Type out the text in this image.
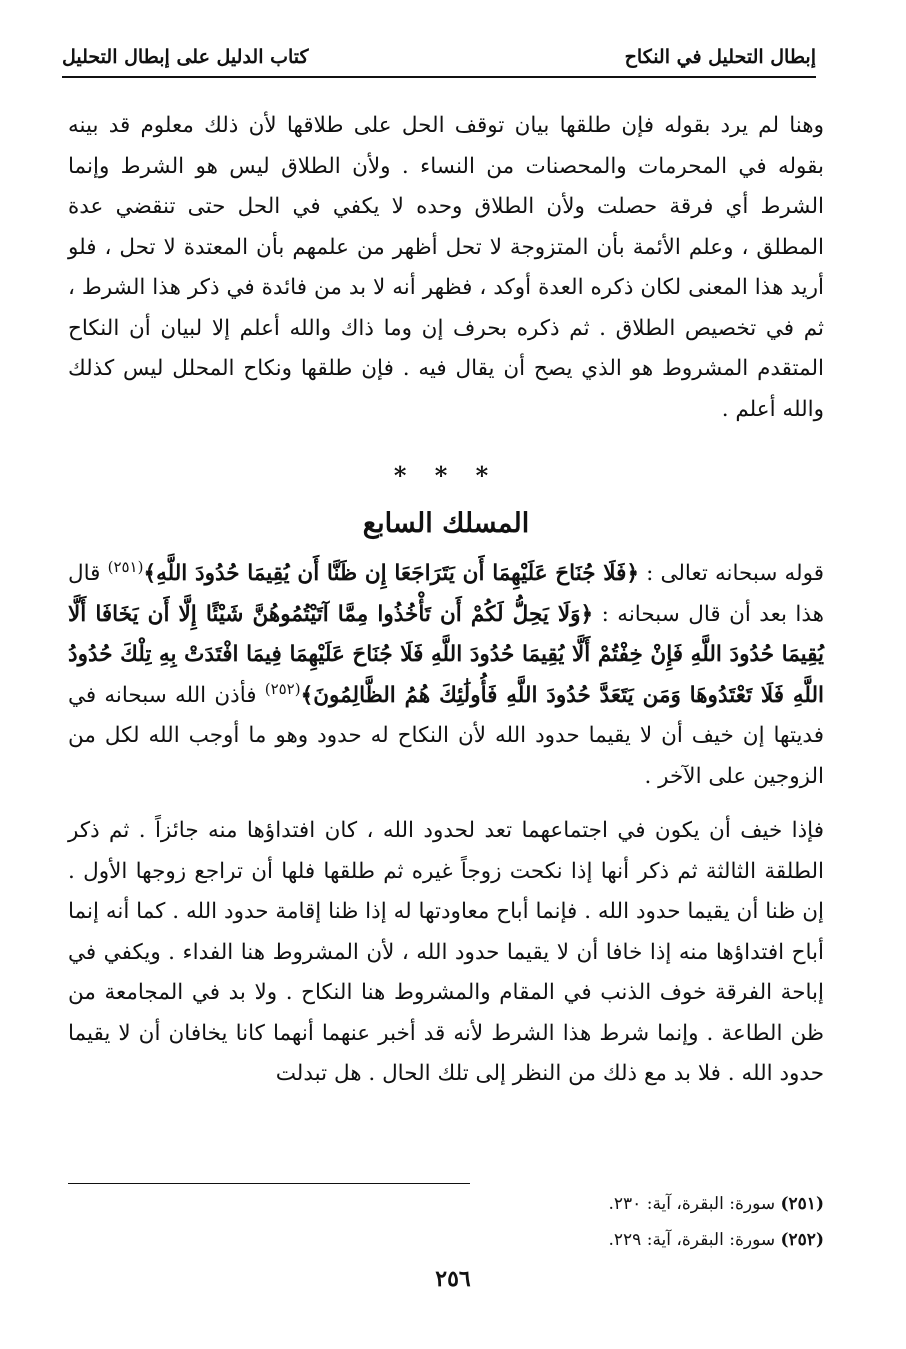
إبطال التحليل في النكاح
كتاب الدليل على إبطال التحليل

وهنا لم يرد بقوله فإن طلقها بيان توقف الحل على طلاقها لأن ذلك معلوم قد بينه بقوله في المحرمات والمحصنات من النساء . ولأن الطلاق ليس هو الشرط وإنما الشرط أي فرقة حصلت ولأن الطلاق وحده لا يكفي في الحل حتى تنقضي عدة المطلق ، وعلم الأئمة بأن المتزوجة لا تحل أظهر من علمهم بأن المعتدة لا تحل ، فلو أريد هذا المعنى لكان ذكره العدة أوكد ، فظهر أنه لا بد من فائدة في ذكر هذا الشرط ، ثم في تخصيص الطلاق . ثم ذكره بحرف إن وما ذاك والله أعلم إلا لبيان أن النكاح المتقدم المشروط هو الذي يصح أن يقال فيه . فإن طلقها ونكاح المحلل ليس كذلك والله أعلم .

* * *
المسلك السابع

قوله سبحانه تعالى : ﴿فَلَا جُنَاحَ عَلَيْهِمَا أَن يَتَرَاجَعَا إِن ظَنَّا أَن يُقِيمَا حُدُودَ اللَّهِ﴾$^{(٢٥١)}$ قال هذا بعد أن قال سبحانه : ﴿وَلَا يَحِلُّ لَكُمْ أَن تَأْخُذُوا مِمَّا آتَيْتُمُوهُنَّ شَيْئًا إِلَّا أَن يَخَافَا أَلَّا يُقِيمَا حُدُودَ اللَّهِ فَإِنْ خِفْتُمْ أَلَّا يُقِيمَا حُدُودَ اللَّهِ فَلَا جُنَاحَ عَلَيْهِمَا فِيمَا افْتَدَتْ بِهِ تِلْكَ حُدُودُ اللَّهِ فَلَا تَعْتَدُوهَا وَمَن يَتَعَدَّ حُدُودَ اللَّهِ فَأُولَٰئِكَ هُمُ الظَّالِمُونَ﴾$^{(٢٥٢)}$ فأذن الله سبحانه في فديتها إن خيف أن لا يقيما حدود الله لأن النكاح له حدود وهو ما أوجب الله لكل من الزوجين على الآخر .

فإذا خيف أن يكون في اجتماعهما تعد لحدود الله ، كان افتداؤها منه جائزاً . ثم ذكر الطلقة الثالثة ثم ذكر أنها إذا نكحت زوجاً غيره ثم طلقها فلها أن تراجع زوجها الأول . إن ظنا أن يقيما حدود الله . فإنما أباح معاودتها له إذا ظنا إقامة حدود الله . كما أنه إنما أباح افتداؤها منه إذا خافا أن لا يقيما حدود الله ، لأن المشروط هنا الفداء . ويكفي في إباحة الفرقة خوف الذنب في المقام والمشروط هنا النكاح . ولا بد في المجامعة من ظن الطاعة . وإنما شرط هذا الشرط لأنه قد أخبر عنهما أنهما كانا يخافان أن لا يقيما حدود الله . فلا بد مع ذلك من النظر إلى تلك الحال . هل تبدلت

(٢٥١) سورة: البقرة، آية: ٢٣٠.
(٢٥٢) سورة: البقرة، آية: ٢٢٩.
٢٥٦
